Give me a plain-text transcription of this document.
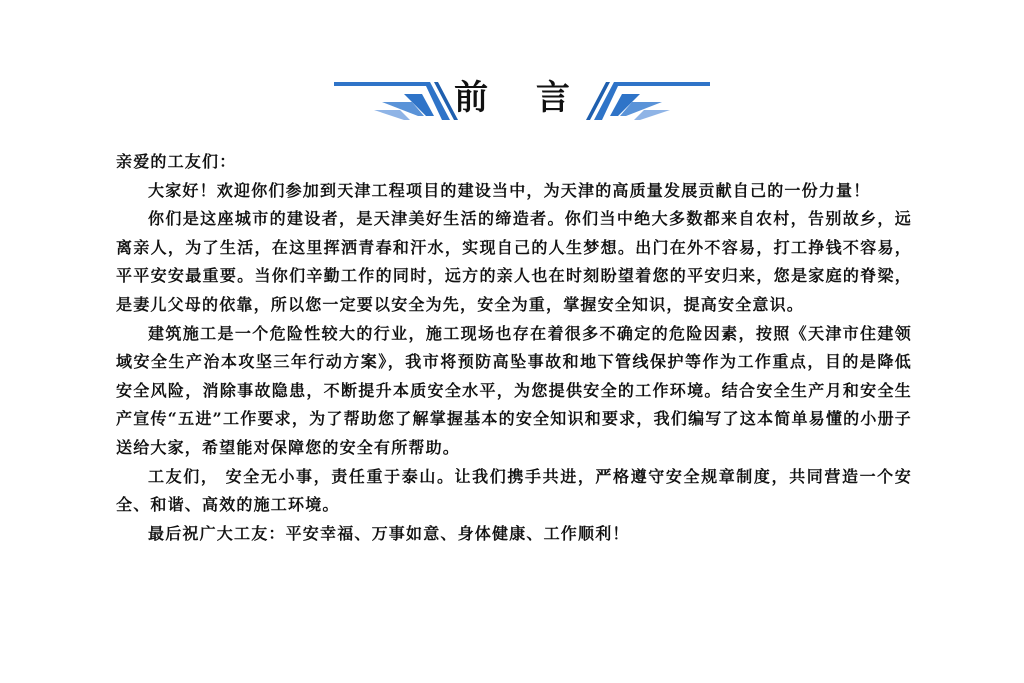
前 言

亲爱的工友们：

大家好！欢迎你们参加到天津工程项目的建设当中，为天津的高质量发展贡献自己的一份力量！

你们是这座城市的建设者，是天津美好生活的缔造者。你们当中绝大多数都来自农村，告别故乡，远离亲人，为了生活，在这里挥洒青春和汗水，实现自己的人生梦想。出门在外不容易，打工挣钱不容易，平平安安最重要。当你们辛勤工作的同时，远方的亲人也在时刻盼望着您的平安归来，您是家庭的脊梁，是妻儿父母的依靠，所以您一定要以安全为先，安全为重，掌握安全知识，提高安全意识。

建筑施工是一个危险性较大的行业，施工现场也存在着很多不确定的危险因素，按照《天津市住建领域安全生产治本攻坚三年行动方案》，我市将预防高坠事故和地下管线保护等作为工作重点，目的是降低安全风险，消除事故隐患，不断提升本质安全水平，为您提供安全的工作环境。结合安全生产月和安全生产宣传“五进”工作要求，为了帮助您了解掌握基本的安全知识和要求，我们编写了这本简单易懂的小册子送给大家，希望能对保障您的安全有所帮助。

工友们， 安全无小事，责任重于泰山。让我们携手共进，严格遵守安全规章制度，共同营造一个安全、和谐、高效的施工环境。

最后祝广大工友：平安幸福、万事如意、身体健康、工作顺利！
